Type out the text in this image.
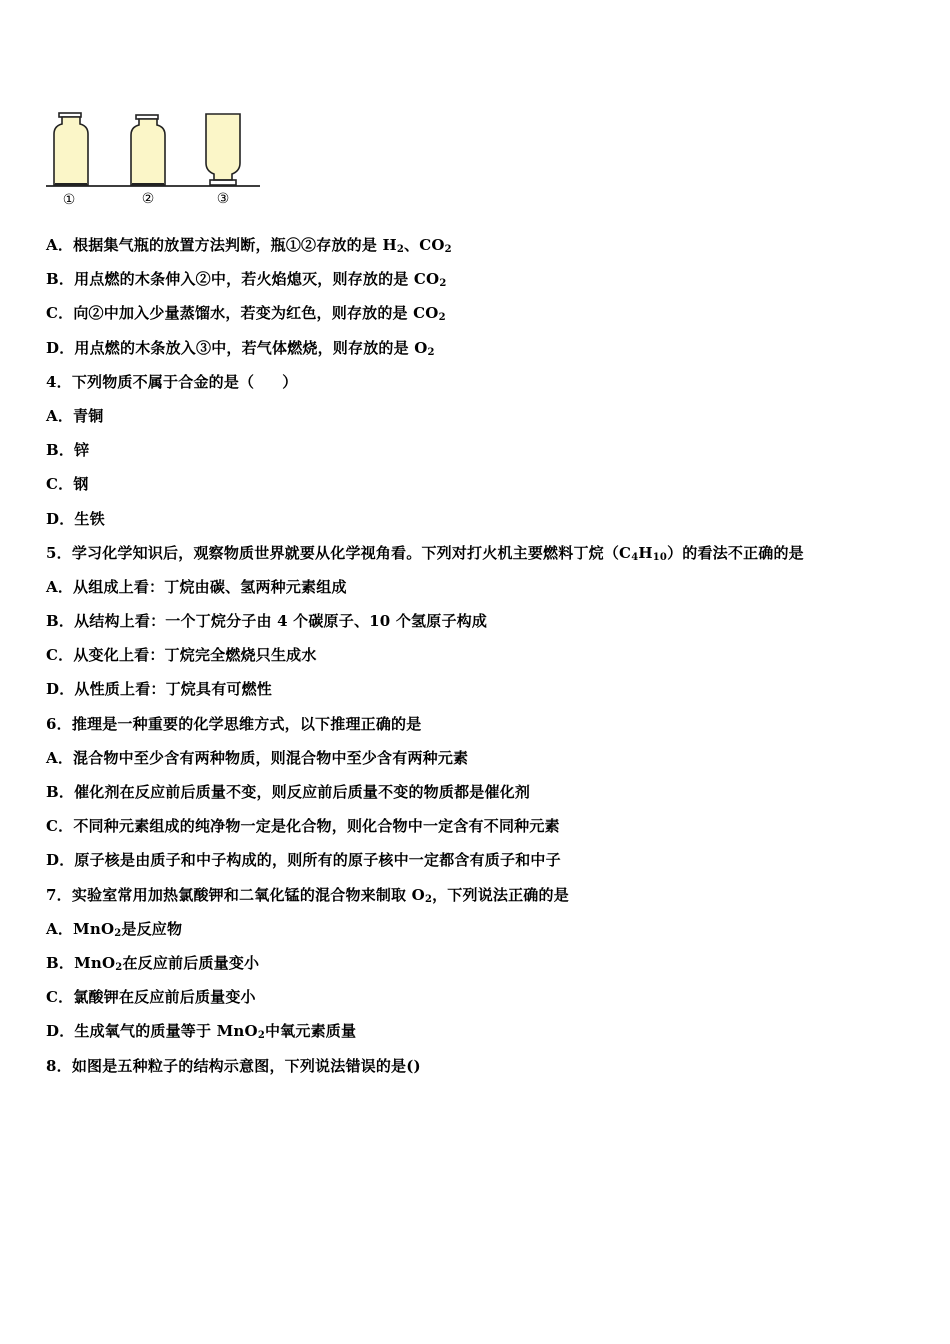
①	②	③
A．根据集气瓶的放置方法判断，瓶①②存放的是 $H_2$、$CO_2$
B．用点燃的木条伸入②中，若火焰熄灭，则存放的是 $CO_2$
C．向②中加入少量蒸馏水，若变为红色，则存放的是 $CO_2$
D．用点燃的木条放入③中，若气体燃烧，则存放的是 $O_2$
4．下列物质不属于合金的是（ ）
A．青铜
B．锌
C．钢
D．生铁
5．学习化学知识后，观察物质世界就要从化学视角看。下列对打火机主要燃料丁烷$(C_4H_{10})$的看法不正确的是
A．从组成上看：丁烷由碳、氢两种元素组成
B．从结构上看：一个丁烷分子由 4 个碳原子、10 个氢原子构成
C．从变化上看：丁烷完全燃烧只生成水
D．从性质上看：丁烷具有可燃性
6．推理是一种重要的化学思维方式，以下推理正确的是
A．混合物中至少含有两种物质，则混合物中至少含有两种元素
B．催化剂在反应前后质量不变，则反应前后质量不变的物质都是催化剂
C．不同种元素组成的纯净物一定是化合物，则化合物中一定含有不同种元素
D．原子核是由质子和中子构成的，则所有的原子核中一定都含有质子和中子
7．实验室常用加热氯酸钾和二氧化锰的混合物来制取 $O_2$，下列说法正确的是
A．MnO$_2$是反应物
B．MnO$_2$在反应前后质量变小
C．氯酸钾在反应前后质量变小
D．生成氧气的质量等于 MnO$_2$中氧元素质量
8．如图是五种粒子的结构示意图，下列说法错误的是()
